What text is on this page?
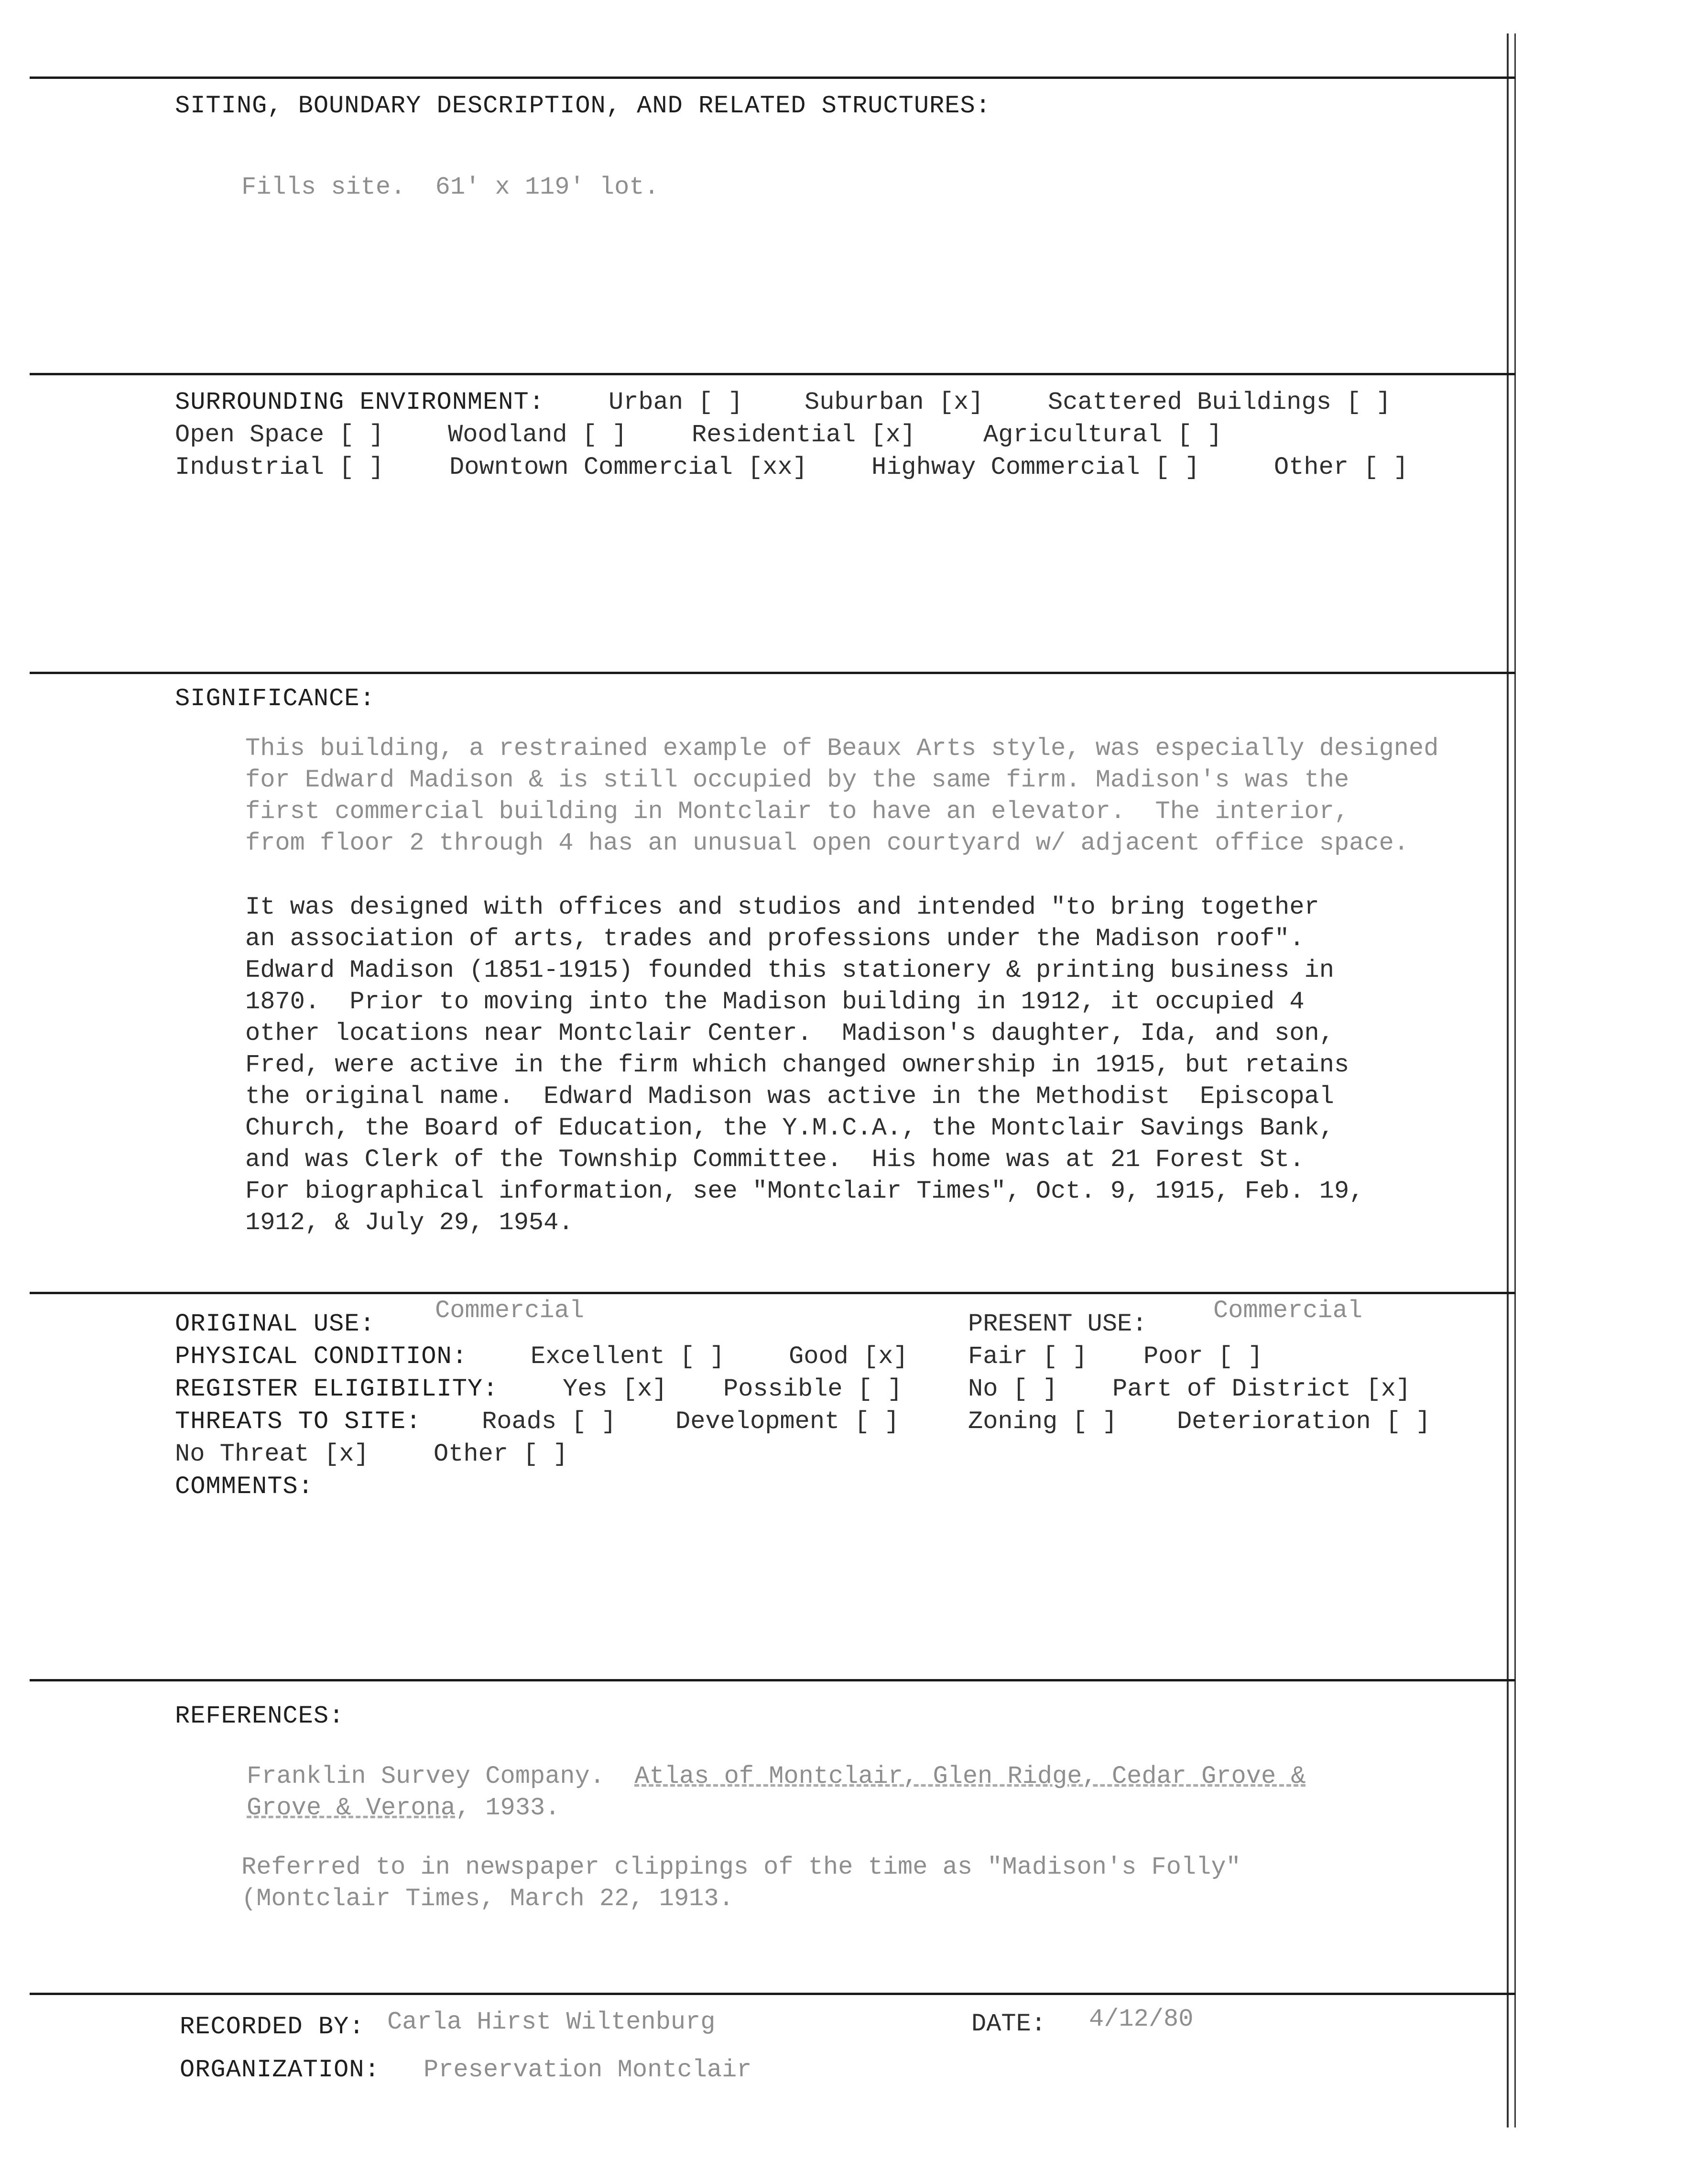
SITING, BOUNDARY DESCRIPTION, AND RELATED STRUCTURES:
Fills site.  61' x 119' lot.
SURROUNDING ENVIRONMENT:	Urban [ ] Suburban [x]	Scattered Buildings [ ]
Open Space [ ]	Woodland [ ]	Residential [x]	Agricultural [ ]
Industrial [ ]	Downtown Commercial [xx]	Highway Commercial [ ]	Other [ ]
SIGNIFICANCE:
This building, a restrained example of Beaux Arts style, was especially designed
for Edward Madison & is still occupied by the same firm. Madison's was the
first commercial building in Montclair to have an elevator.  The interior,
from floor 2 through 4 has an unusual open courtyard w/ adjacent office space.
It was designed with offices and studios and intended "to bring together
an association of arts, trades and professions under the Madison roof".
Edward Madison (1851-1915) founded this stationery & printing business in
1870.  Prior to moving into the Madison building in 1912, it occupied 4
other locations near Montclair Center.  Madison's daughter, Ida, and son,
Fred, were active in the firm which changed ownership in 1915, but retains
the original name.  Edward Madison was active in the Methodist  Episcopal
Church, the Board of Education, the Y.M.C.A., the Montclair Savings Bank,
and was Clerk of the Township Committee.  His home was at 21 Forest St.
For biographical information, see "Montclair Times", Oct. 9, 1915, Feb. 19,
1912, & July 29, 1954.
ORIGINAL USE: Commercial	PRESENT USE:	Commercial
PHYSICAL CONDITION:	Excellent [ ]	Good [x] Fair [ ] Poor [ ]
REGISTER ELIGIBILITY:	Yes [x] Possible [ ]	No [ ] Part of District [x]
THREATS TO SITE: Roads [ ] Development [ ]	Zoning [ ] Deterioration [ ]
No Threat [x]	Other [ ]
COMMENTS:
REFERENCES:
Franklin Survey Company.  Atlas of Montclair, Glen Ridge, Cedar Grove &
Grove & Verona, 1933.
Referred to in newspaper clippings of the time as "Madison's Folly"
(Montclair Times, March 22, 1913.
RECORDED BY: Carla Hirst Wiltenburg	DATE: 4/12/80
ORGANIZATION: Preservation Montclair
